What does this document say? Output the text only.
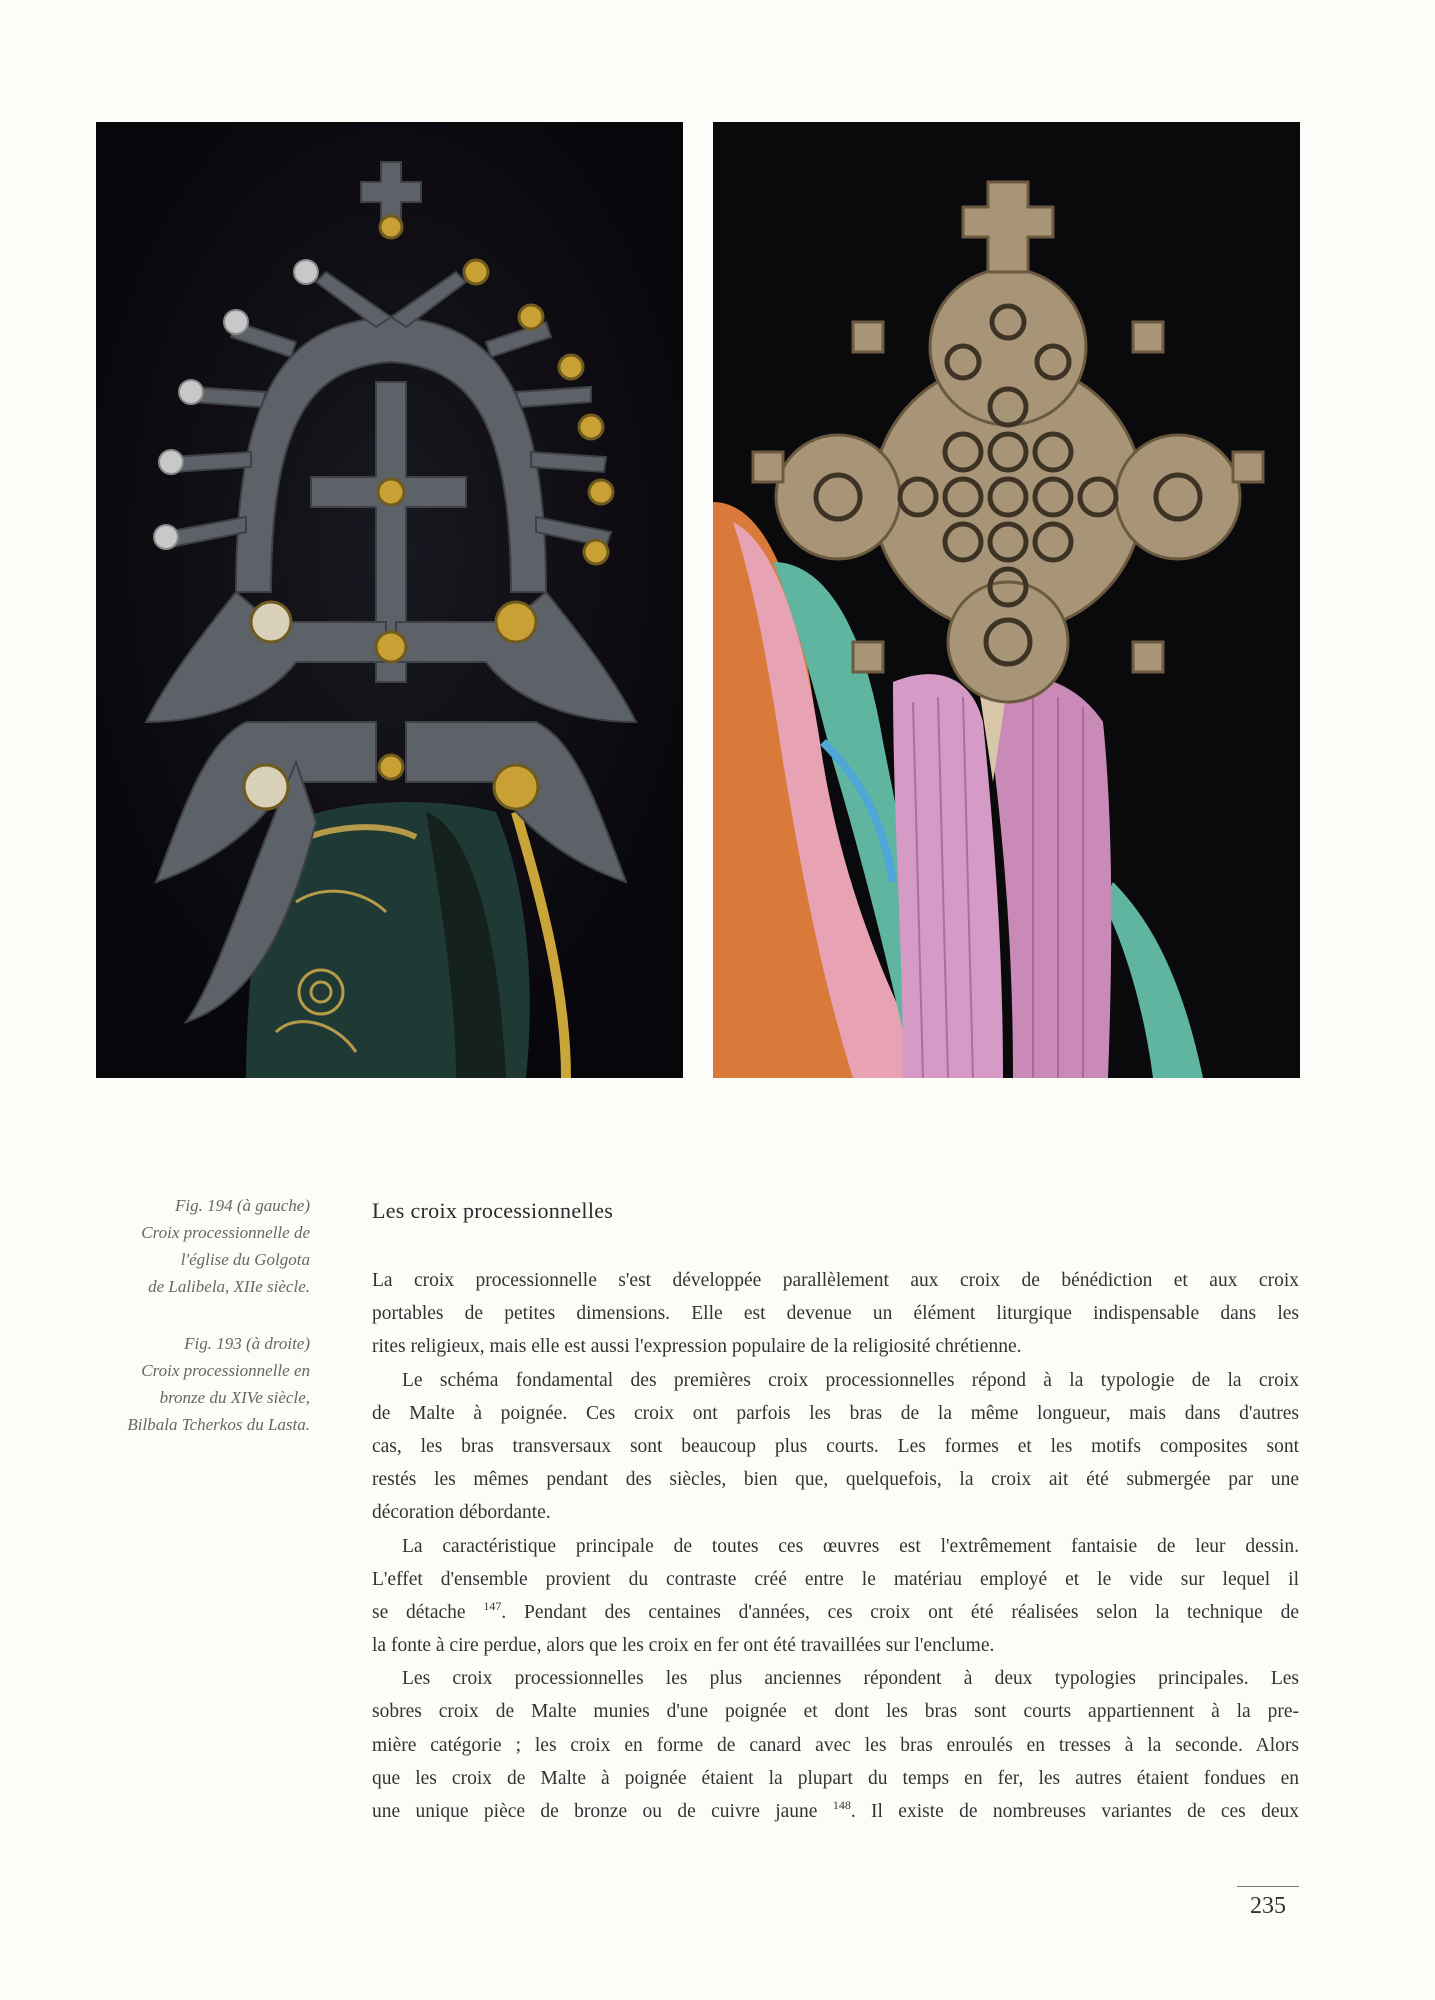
Fig. 194 (à gauche)
Croix processionnelle de
l'église du Golgota
de Lalibela, XIIe siècle.
Fig. 193 (à droite)
Croix processionnelle en
bronze du XIVe siècle,
Bilbala Tcherkos du Lasta.
Les croix processionnelles
La croix processionnelle s'est développée parallèlement aux croix de bénédiction et aux croix
portables de petites dimensions. Elle est devenue un élément liturgique indispensable dans les
rites religieux, mais elle est aussi l'expression populaire de la religiosité chrétienne.
Le schéma fondamental des premières croix processionnelles répond à la typologie de la croix
de Malte à poignée. Ces croix ont parfois les bras de la même longueur, mais dans d'autres
cas, les bras transversaux sont beaucoup plus courts. Les formes et les motifs composites sont
restés les mêmes pendant des siècles, bien que, quelquefois, la croix ait été submergée par une
décoration débordante.
La caractéristique principale de toutes ces œuvres est l'extrêmement fantaisie de leur dessin.
L'effet d'ensemble provient du contraste créé entre le matériau employé et le vide sur lequel il
se détache $^{147}$. Pendant des centaines d'années, ces croix ont été réalisées selon la technique de
la fonte à cire perdue, alors que les croix en fer ont été travaillées sur l'enclume.
Les croix processionnelles les plus anciennes répondent à deux typologies principales. Les
sobres croix de Malte munies d'une poignée et dont les bras sont courts appartiennent à la pre-
mière catégorie ; les croix en forme de canard avec les bras enroulés en tresses à la seconde. Alors
que les croix de Malte à poignée étaient la plupart du temps en fer, les autres étaient fondues en
une unique pièce de bronze ou de cuivre jaune $^{148}$. Il existe de nombreuses variantes de ces deux
235
